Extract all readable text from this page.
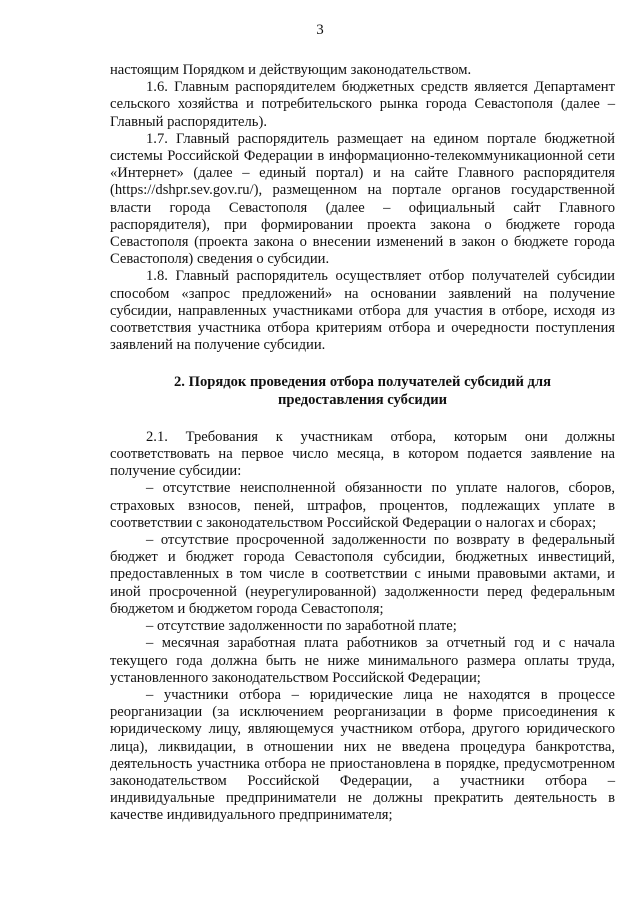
3

настоящим Порядком и действующим законодательством.

1.6. Главным распорядителем бюджетных средств является Департамент сельского хозяйства и потребительского рынка города Севастополя (далее – Главный распорядитель).

1.7. Главный распорядитель размещает на едином портале бюджетной системы Российской Федерации в информационно-телекоммуникационной сети «Интернет» (далее – единый портал) и на сайте Главного распорядителя (https://dshpr.sev.gov.ru/), размещенном на портале органов государственной власти города Севастополя (далее – официальный сайт Главного распорядителя), при формировании проекта закона о бюджете города Севастополя (проекта закона о внесении изменений в закон о бюджете города Севастополя) сведения о субсидии.

1.8. Главный распорядитель осуществляет отбор получателей субсидии способом «запрос предложений» на основании заявлений на получение субсидии, направленных участниками отбора для участия в отборе, исходя из соответствия участника отбора критериям отбора и очередности поступления заявлений на получение субсидии.

2. Порядок проведения отбора получателей субсидий для предоставления субсидии

2.1. Требования к участникам отбора, которым они должны соответствовать на первое число месяца, в котором подается заявление на получение субсидии:

– отсутствие неисполненной обязанности по уплате налогов, сборов, страховых взносов, пеней, штрафов, процентов, подлежащих уплате в соответствии с законодательством Российской Федерации о налогах и сборах;

– отсутствие просроченной задолженности по возврату в федеральный бюджет и бюджет города Севастополя субсидии, бюджетных инвестиций, предоставленных в том числе в соответствии с иными правовыми актами, и иной просроченной (неурегулированной) задолженности перед федеральным бюджетом и бюджетом города Севастополя;

– отсутствие задолженности по заработной плате;

– месячная заработная плата работников за отчетный год и с начала текущего года должна быть не ниже минимального размера оплаты труда, установленного законодательством Российской Федерации;

– участники отбора – юридические лица не находятся в процессе реорганизации (за исключением реорганизации в форме присоединения к юридическому лицу, являющемуся участником отбора, другого юридического лица), ликвидации, в отношении них не введена процедура банкротства, деятельность участника отбора не приостановлена в порядке, предусмотренном законодательством Российской Федерации, а участники отбора – индивидуальные предприниматели не должны прекратить деятельность в качестве индивидуального предпринимателя;
